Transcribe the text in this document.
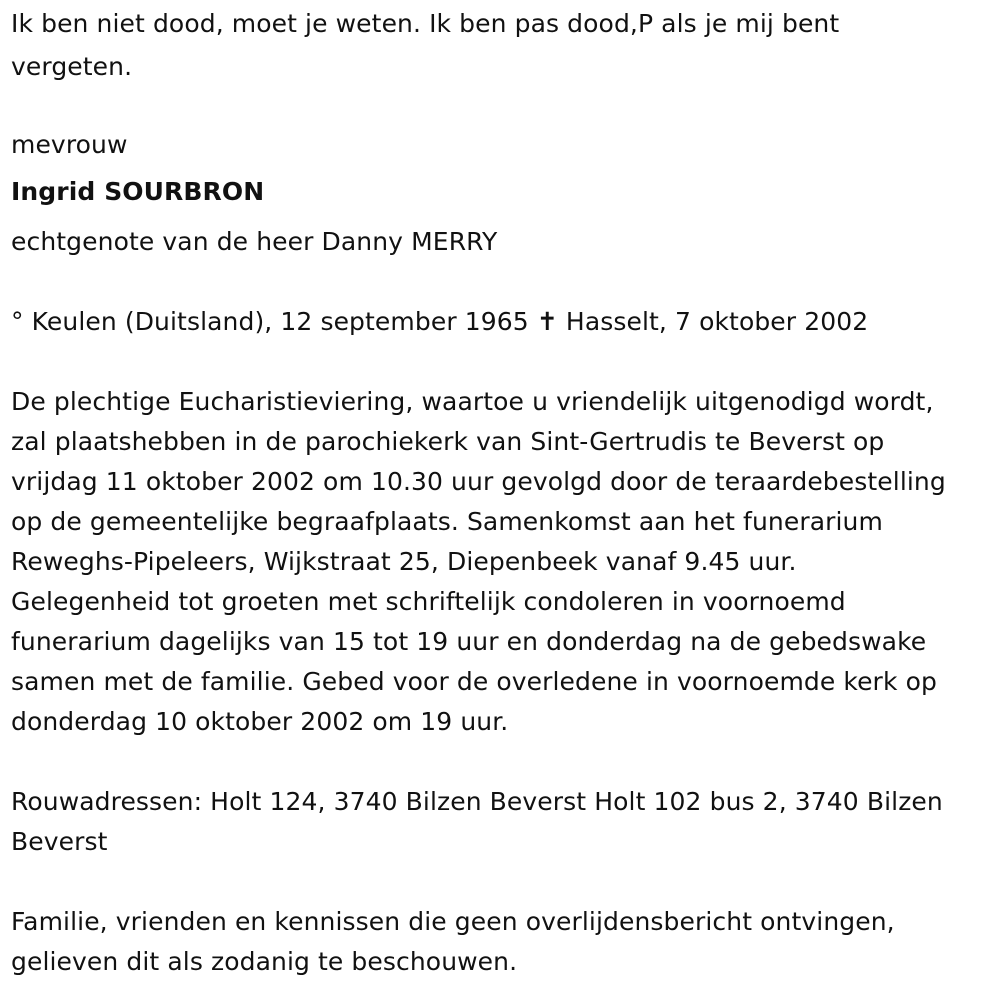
Ik ben niet dood, moet je weten. Ik ben pas dood,P als je mij bent
vergeten.
mevrouw
Ingrid SOURBRON
echtgenote van de heer Danny MERRY
° Keulen (Duitsland), 12 september 1965 ✝ Hasselt, 7 oktober 2002
De plechtige Eucharistieviering, waartoe u vriendelijk uitgenodigd wordt,
zal plaatshebben in de parochiekerk van Sint-Gertrudis te Beverst op
vrijdag 11 oktober 2002 om 10.30 uur gevolgd door de teraardebestelling
op de gemeentelijke begraafplaats. Samenkomst aan het funerarium
Reweghs-Pipeleers, Wijkstraat 25, Diepenbeek vanaf 9.45 uur.
Gelegenheid tot groeten met schriftelijk condoleren in voornoemd
funerarium dagelijks van 15 tot 19 uur en donderdag na de gebedswake
samen met de familie. Gebed voor de overledene in voornoemde kerk op
donderdag 10 oktober 2002 om 19 uur.
Rouwadressen: Holt 124, 3740 Bilzen Beverst Holt 102 bus 2, 3740 Bilzen
Beverst
Familie, vrienden en kennissen die geen overlijdensbericht ontvingen,
gelieven dit als zodanig te beschouwen.
